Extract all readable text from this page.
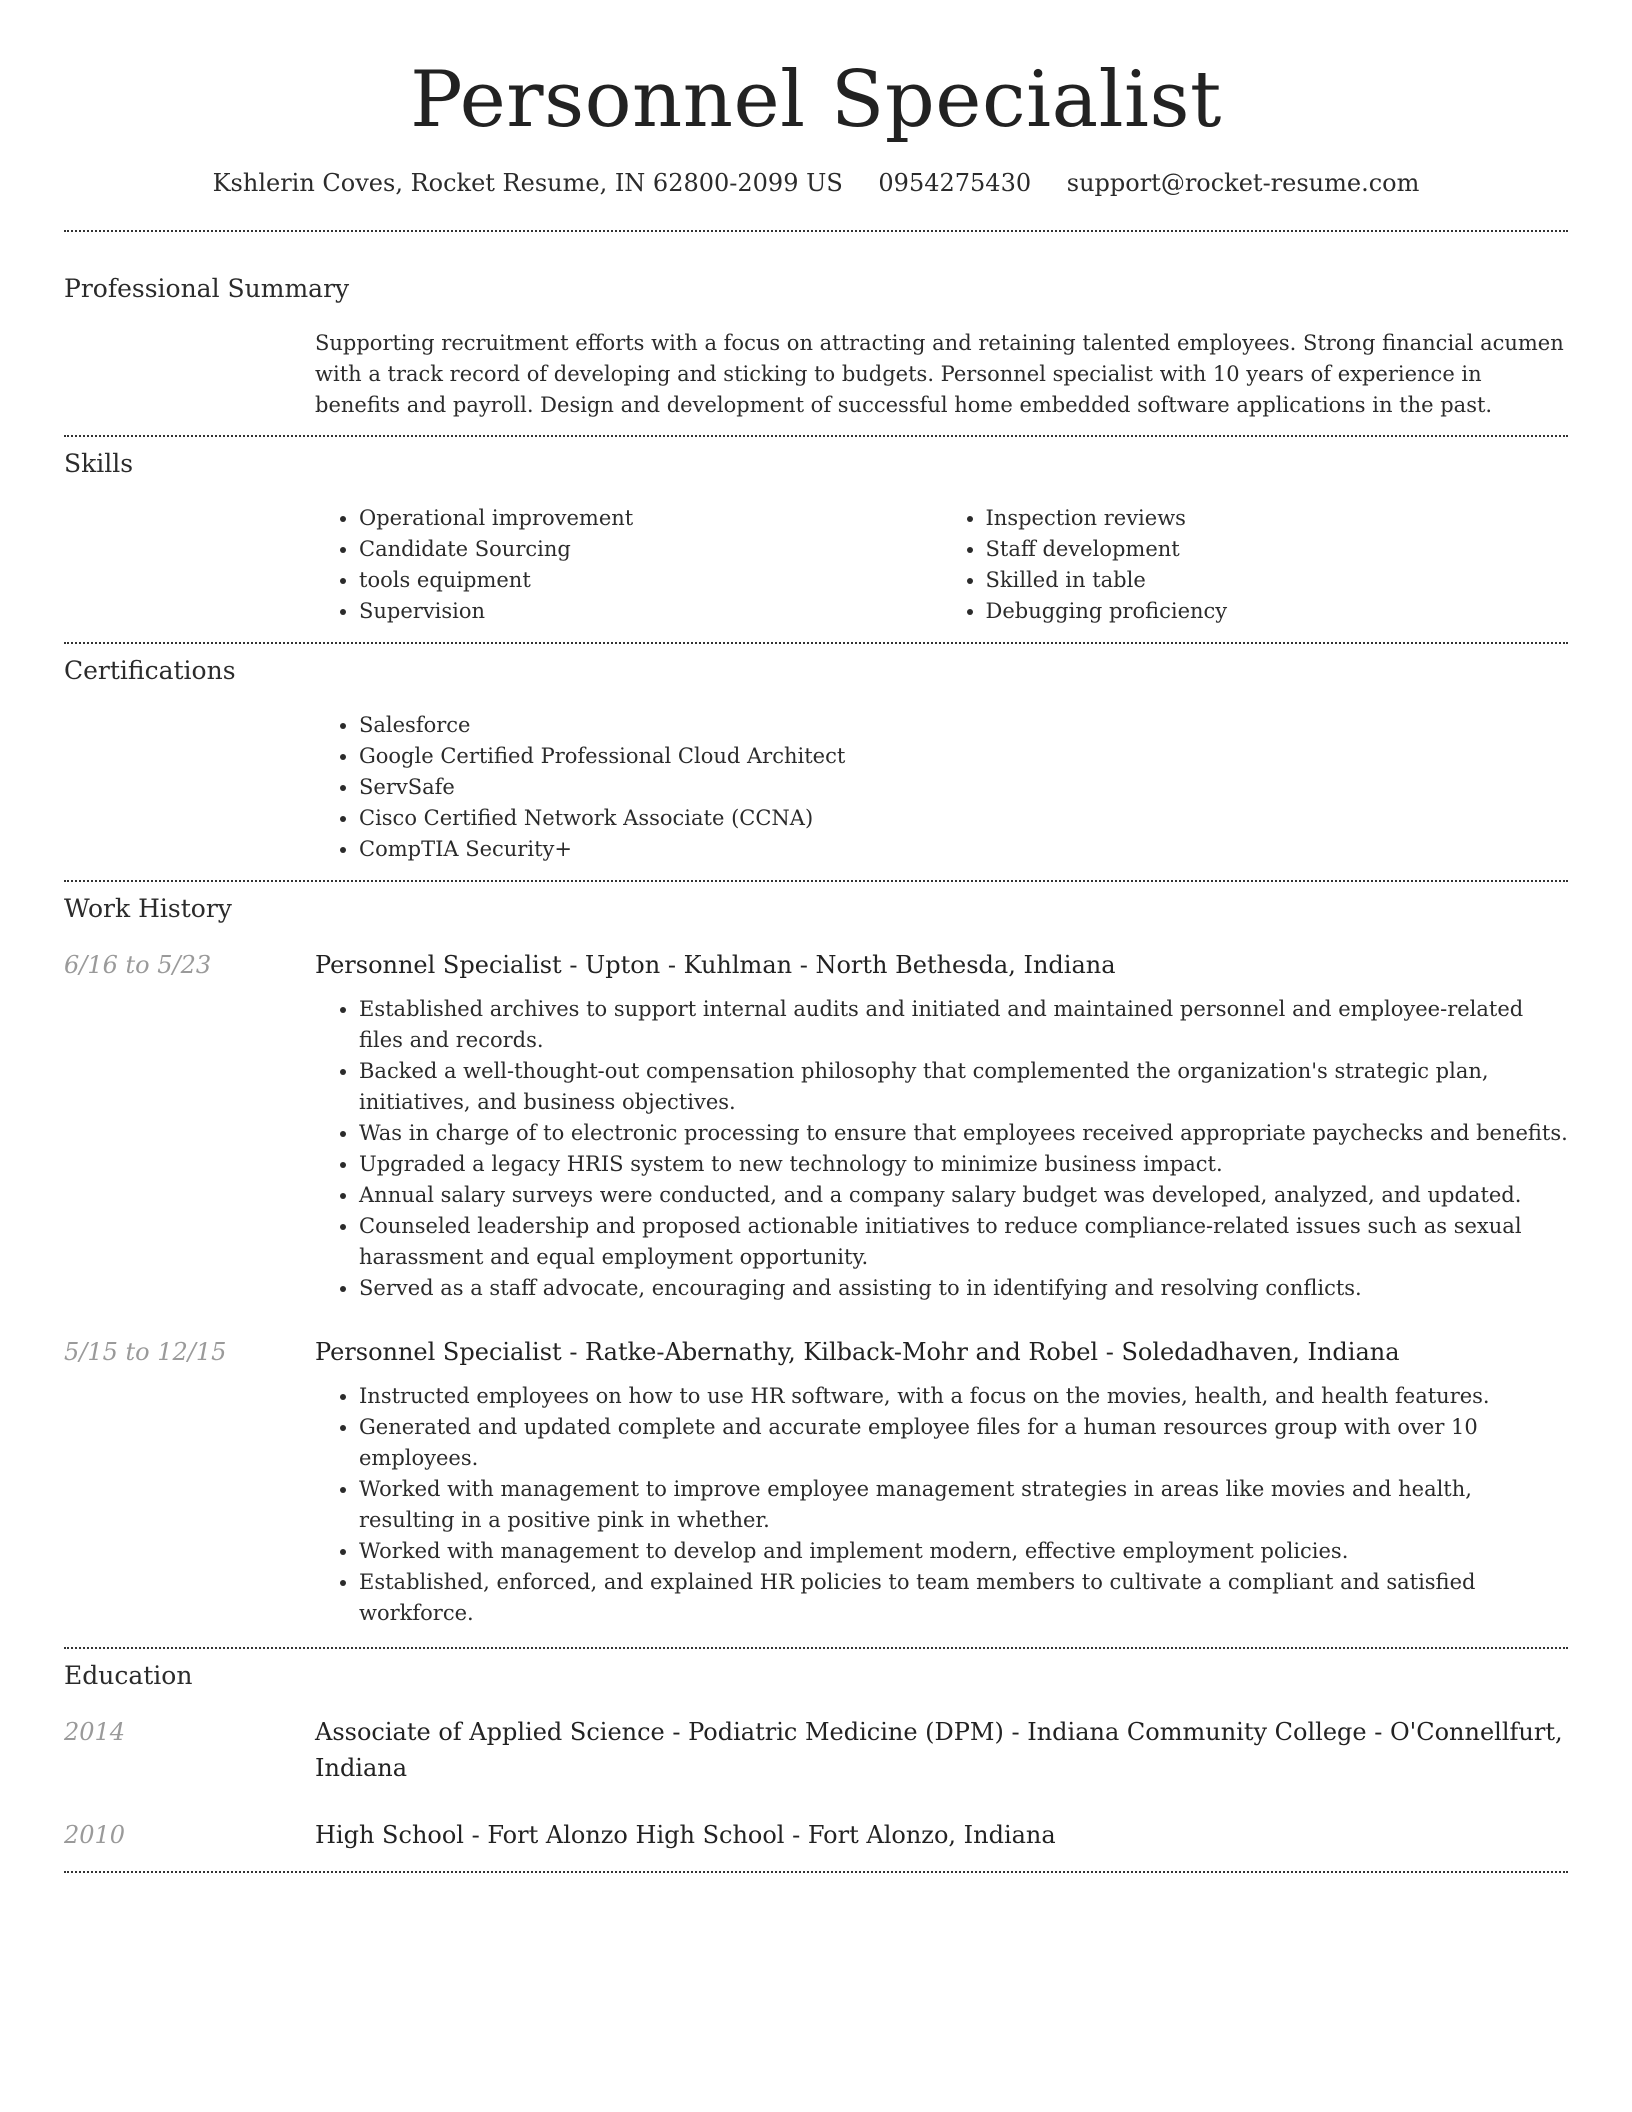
Personnel Specialist
Kshlerin Coves, Rocket Resume, IN 62800-2099 US 0954275430 support@rocket-resume.com
Professional Summary
Supporting recruitment efforts with a focus on attracting and retaining talented employees. Strong financial acumen with a track record of developing and sticking to budgets. Personnel specialist with 10 years of experience in benefits and payroll. Design and development of successful home embedded software applications in the past.
Skills
• Operational improvement
• Candidate Sourcing
• tools equipment
• Supervision
• Inspection reviews
• Staff development
• Skilled in table
• Debugging proficiency
Certifications
• Salesforce
• Google Certified Professional Cloud Architect
• ServSafe
• Cisco Certified Network Associate (CCNA)
• CompTIA Security+
Work History
6/16 to 5/23	Personnel Specialist - Upton - Kuhlman - North Bethesda, Indiana
• Established archives to support internal audits and initiated and maintained personnel and employee-related files and records.
• Backed a well-thought-out compensation philosophy that complemented the organization's strategic plan, initiatives, and business objectives.
• Was in charge of to electronic processing to ensure that employees received appropriate paychecks and benefits.
• Upgraded a legacy HRIS system to new technology to minimize business impact.
• Annual salary surveys were conducted, and a company salary budget was developed, analyzed, and updated.
• Counseled leadership and proposed actionable initiatives to reduce compliance-related issues such as sexual harassment and equal employment opportunity.
• Served as a staff advocate, encouraging and assisting to in identifying and resolving conflicts.
5/15 to 12/15	Personnel Specialist - Ratke-Abernathy, Kilback-Mohr and Robel - Soledadhaven, Indiana
• Instructed employees on how to use HR software, with a focus on the movies, health, and health features.
• Generated and updated complete and accurate employee files for a human resources group with over 10 employees.
• Worked with management to improve employee management strategies in areas like movies and health, resulting in a positive pink in whether.
• Worked with management to develop and implement modern, effective employment policies.
• Established, enforced, and explained HR policies to team members to cultivate a compliant and satisfied workforce.
Education
2014	Associate of Applied Science - Podiatric Medicine (DPM) - Indiana Community College - O'Connellfurt, Indiana
2010	High School - Fort Alonzo High School - Fort Alonzo, Indiana
